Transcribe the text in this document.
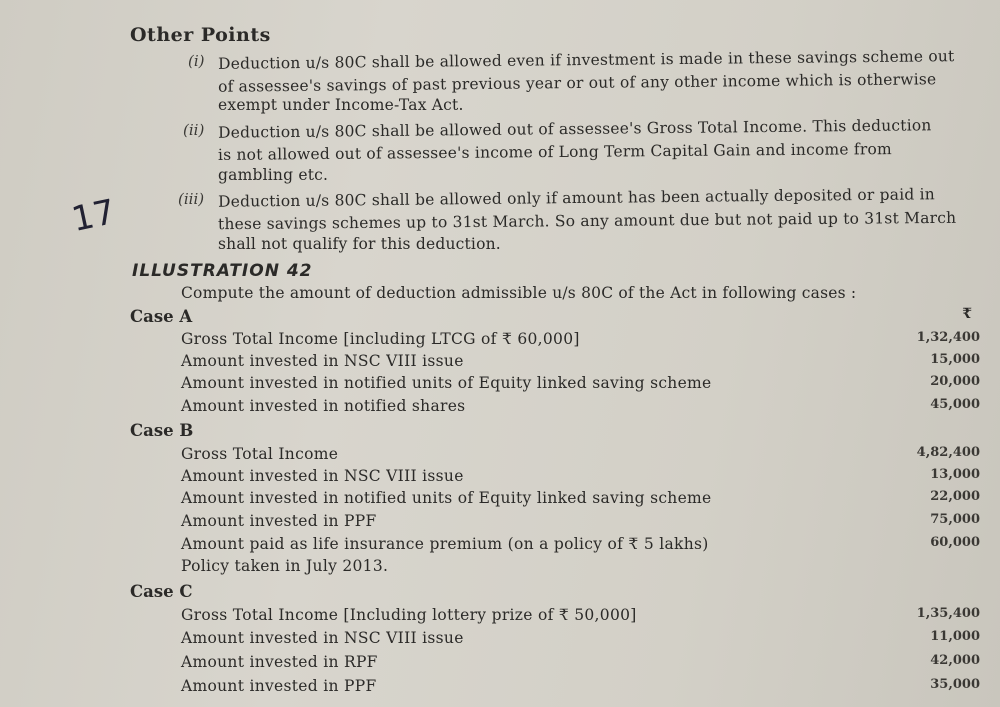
Other Points
(i) Deduction u/s 80C shall be allowed even if investment is made in these savings scheme out
of assessee's savings of past previous year or out of any other income which is otherwise
exempt under Income-Tax Act.
(ii) Deduction u/s 80C shall be allowed out of assessee's Gross Total Income. This deduction
is not allowed out of assessee's income of Long Term Capital Gain and income from
gambling etc.
(iii) Deduction u/s 80C shall be allowed only if amount has been actually deposited or paid in
these savings schemes up to 31st March. So any amount due but not paid up to 31st March
shall not qualify for this deduction.
17
ILLUSTRATION 42
Compute the amount of deduction admissible u/s 80C of the Act in following cases :
₹
Case A
Gross Total Income [including LTCG of ₹ 60,000]	1,32,400
Amount invested in NSC VIII issue	15,000
Amount invested in notified units of Equity linked saving scheme	20,000
Amount invested in notified shares	45,000
Case B
Gross Total Income	4,82,400
Amount invested in NSC VIII issue	13,000
Amount invested in notified units of Equity linked saving scheme	22,000
Amount invested in PPF	75,000
Amount paid as life insurance premium (on a policy of ₹ 5 lakhs)	60,000
Policy taken in July 2013.
Case C
Gross Total Income [Including lottery prize of ₹ 50,000]	1,35,400
Amount invested in NSC VIII issue	11,000
Amount invested in RPF	42,000
Amount invested in PPF	35,000
